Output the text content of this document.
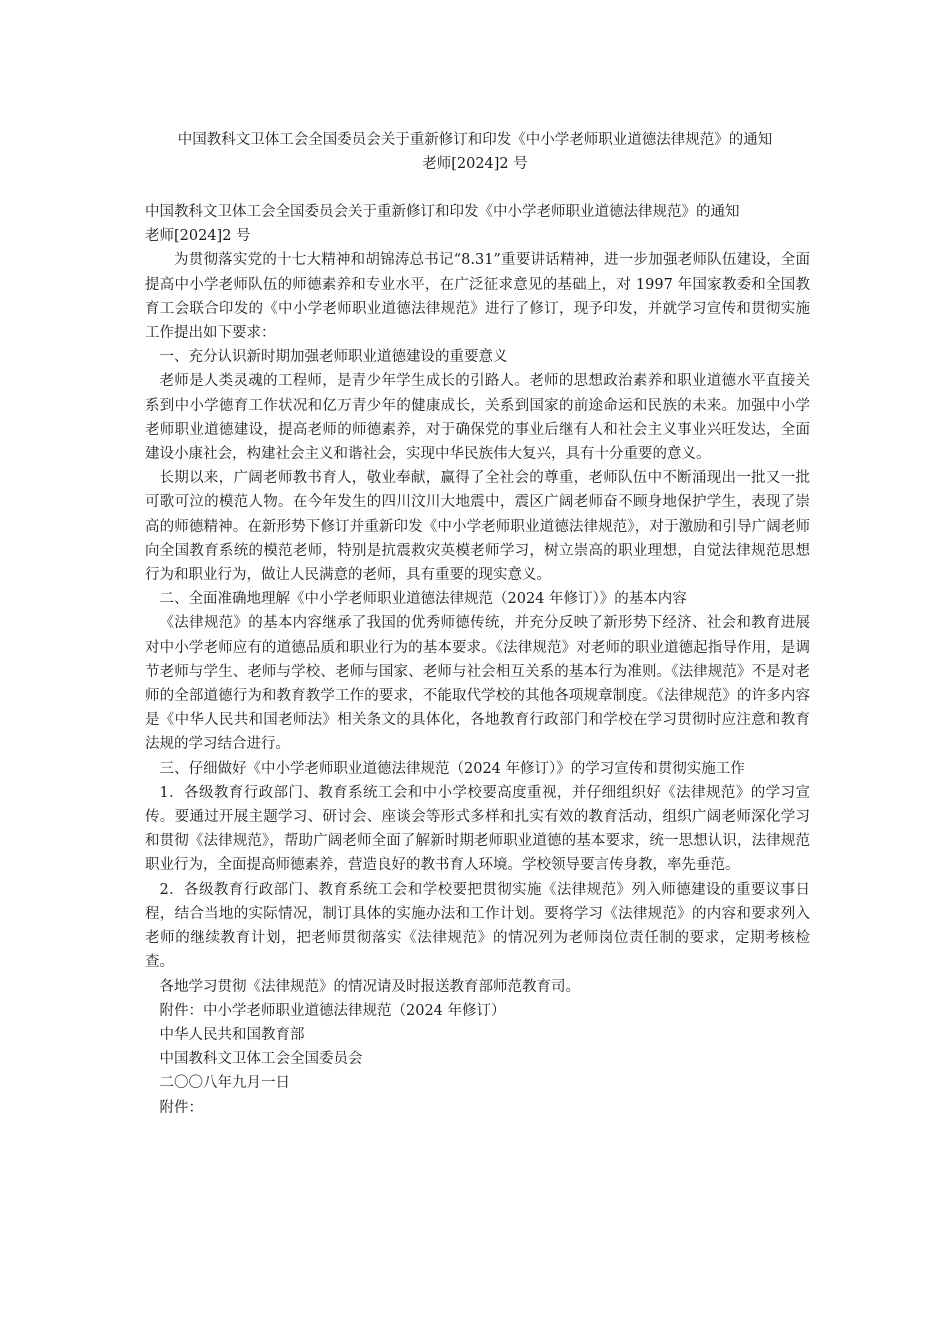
中国教科文卫体工会全国委员会关于重新修订和印发《中小学老师职业道德法律规范》的通知
老师[2024]2 号

中国教科文卫体工会全国委员会关于重新修订和印发《中小学老师职业道德法律规范》的通知

老师[2024]2 号

为贯彻落实党的十七大精神和胡锦涛总书记“8.31”重要讲话精神，进一步加强老师队伍建设，全面提高中小学老师队伍的师德素养和专业水平，在广泛征求意见的基础上，对 1997 年国家教委和全国教育工会联合印发的《中小学老师职业道德法律规范》进行了修订，现予印发，并就学习宣传和贯彻实施工作提出如下要求：

一、充分认识新时期加强老师职业道德建设的重要意义

老师是人类灵魂的工程师，是青少年学生成长的引路人。老师的思想政治素养和职业道德水平直接关系到中小学德育工作状况和亿万青少年的健康成长，关系到国家的前途命运和民族的未来。加强中小学老师职业道德建设，提高老师的师德素养，对于确保党的事业后继有人和社会主义事业兴旺发达，全面建设小康社会，构建社会主义和谐社会，实现中华民族伟大复兴，具有十分重要的意义。

长期以来，广阔老师教书育人，敬业奉献，赢得了全社会的尊重，老师队伍中不断涌现出一批又一批可歌可泣的模范人物。在今年发生的四川汶川大地震中，震区广阔老师奋不顾身地保护学生，表现了崇高的师德精神。在新形势下修订并重新印发《中小学老师职业道德法律规范》，对于激励和引导广阔老师向全国教育系统的模范老师，特别是抗震救灾英模老师学习，树立崇高的职业理想，自觉法律规范思想行为和职业行为，做让人民满意的老师，具有重要的现实意义。

二、全面准确地理解《中小学老师职业道德法律规范（2024 年修订）》的基本内容

《法律规范》的基本内容继承了我国的优秀师德传统，并充分反映了新形势下经济、社会和教育进展对中小学老师应有的道德品质和职业行为的基本要求。《法律规范》对老师的职业道德起指导作用，是调节老师与学生、老师与学校、老师与国家、老师与社会相互关系的基本行为准则。《法律规范》不是对老师的全部道德行为和教育教学工作的要求，不能取代学校的其他各项规章制度。《法律规范》的许多内容是《中华人民共和国老师法》相关条文的具体化，各地教育行政部门和学校在学习贯彻时应注意和教育法规的学习结合进行。

三、仔细做好《中小学老师职业道德法律规范（2024 年修订）》的学习宣传和贯彻实施工作

1．各级教育行政部门、教育系统工会和中小学校要高度重视，并仔细组织好《法律规范》的学习宣传。要通过开展主题学习、研讨会、座谈会等形式多样和扎实有效的教育活动，组织广阔老师深化学习和贯彻《法律规范》，帮助广阔老师全面了解新时期老师职业道德的基本要求，统一思想认识，法律规范职业行为，全面提高师德素养，营造良好的教书育人环境。学校领导要言传身教，率先垂范。

2．各级教育行政部门、教育系统工会和学校要把贯彻实施《法律规范》列入师德建设的重要议事日程，结合当地的实际情况，制订具体的实施办法和工作计划。要将学习《法律规范》的内容和要求列入老师的继续教育计划，把老师贯彻落实《法律规范》的情况列为老师岗位责任制的要求，定期考核检查。

各地学习贯彻《法律规范》的情况请及时报送教育部师范教育司。

附件：中小学老师职业道德法律规范（2024 年修订）

中华人民共和国教育部

中国教科文卫体工会全国委员会

二〇〇八年九月一日

附件：
